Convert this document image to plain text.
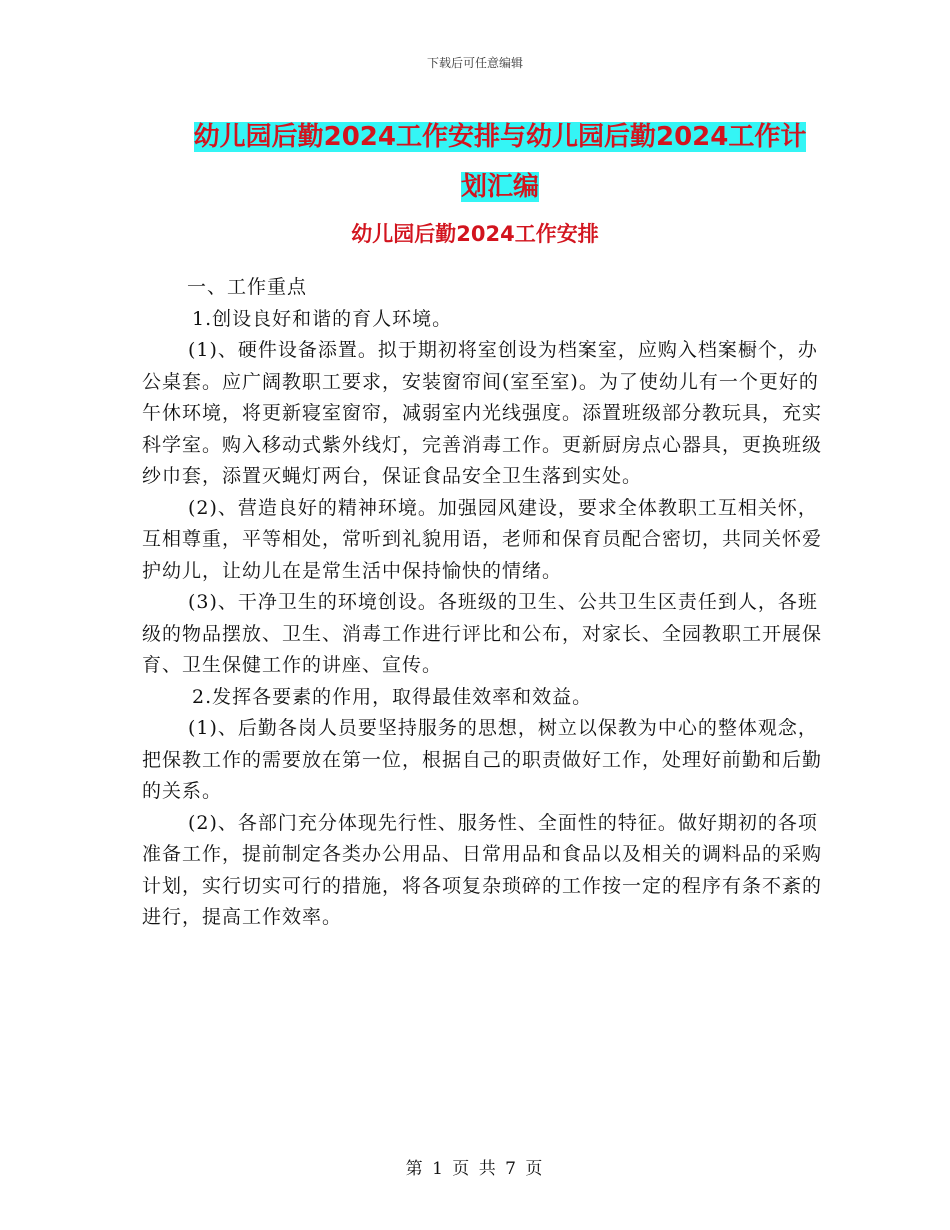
下载后可任意编辑
幼儿园后勤2024工作安排与幼儿园后勤2024工作计划汇编
幼儿园后勤2024工作安排

一、工作重点

1.创设良好和谐的育人环境。

(1)、硬件设备添置。拟于期初将室创设为档案室，应购入档案橱个，办公桌套。应广阔教职工要求，安装窗帘间(室至室)。为了使幼儿有一个更好的午休环境，将更新寝室窗帘，减弱室内光线强度。添置班级部分教玩具，充实科学室。购入移动式紫外线灯，完善消毒工作。更新厨房点心器具，更换班级纱巾套，添置灭蝇灯两台，保证食品安全卫生落到实处。

(2)、营造良好的精神环境。加强园风建设，要求全体教职工互相关怀，互相尊重，平等相处，常听到礼貌用语，老师和保育员配合密切，共同关怀爱护幼儿，让幼儿在是常生活中保持愉快的情绪。

(3)、干净卫生的环境创设。各班级的卫生、公共卫生区责任到人，各班级的物品摆放、卫生、消毒工作进行评比和公布，对家长、全园教职工开展保育、卫生保健工作的讲座、宣传。

2.发挥各要素的作用，取得最佳效率和效益。

(1)、后勤各岗人员要坚持服务的思想，树立以保教为中心的整体观念，把保教工作的需要放在第一位，根据自己的职责做好工作，处理好前勤和后勤的关系。

(2)、各部门充分体现先行性、服务性、全面性的特征。做好期初的各项准备工作，提前制定各类办公用品、日常用品和食品以及相关的调料品的采购计划，实行切实可行的措施，将各项复杂琐碎的工作按一定的程序有条不紊的进行，提高工作效率。

第 1 页 共 7 页
